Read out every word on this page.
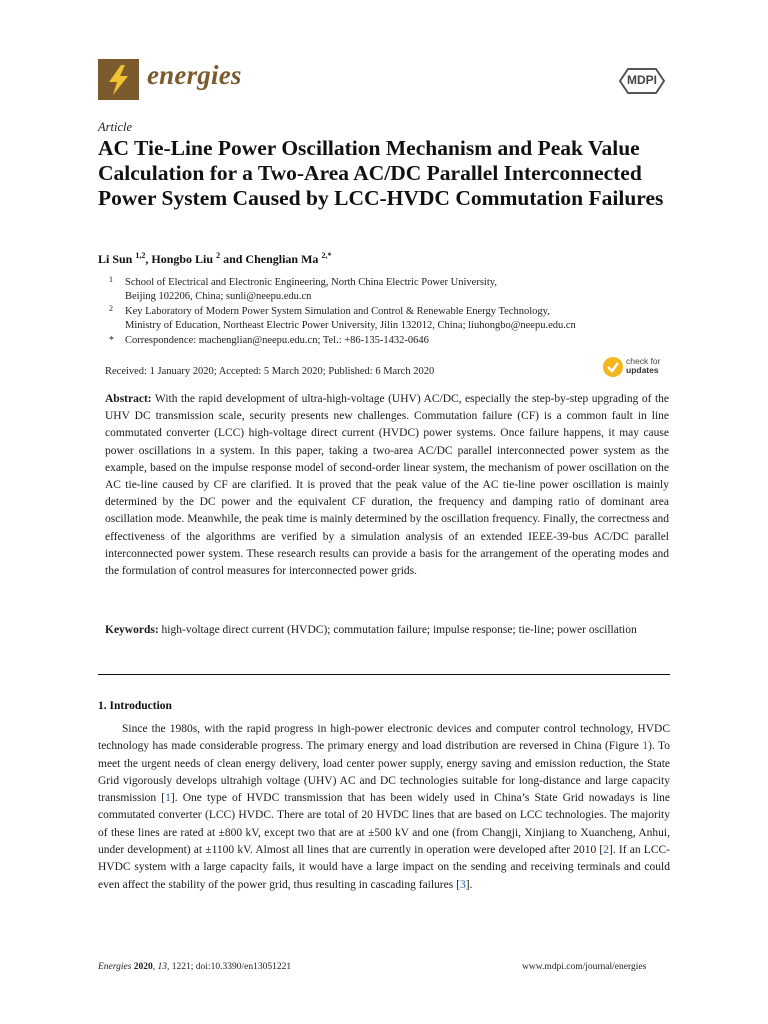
energies	MDPI
Article
AC Tie-Line Power Oscillation Mechanism and Peak Value Calculation for a Two-Area AC/DC Parallel Interconnected Power System Caused by LCC-HVDC Commutation Failures
Li Sun $^{1,2}$, Hongbo Liu $^2$ and Chenglian Ma $^{2,*}$
1 School of Electrical and Electronic Engineering, North China Electric Power University,
Beijing 102206, China; sunli@neepu.edu.cn
2 Key Laboratory of Modern Power System Simulation and Control & Renewable Energy Technology,
Ministry of Education, Northeast Electric Power University, Jilin 132012, China; liuhongbo@neepu.edu.cn
* Correspondence: machenglian@neepu.edu.cn; Tel.: +86-135-1432-0646
Received: 1 January 2020; Accepted: 5 March 2020; Published: 6 March 2020
check for
updates
Abstract: With the rapid development of ultra-high-voltage (UHV) AC/DC, especially the step-by-step upgrading of the UHV DC transmission scale, security presents new challenges. Commutation failure (CF) is a common fault in line commutated converter (LCC) high-voltage direct current (HVDC) power systems. Once failure happens, it may cause power oscillations in a system. In this paper, taking a two-area AC/DC parallel interconnected power system as the example, based on the impulse response model of second-order linear system, the mechanism of power oscillation on the AC tie-line caused by CF are clarified. It is proved that the peak value of the AC tie-line power oscillation is mainly determined by the DC power and the equivalent CF duration, the frequency and damping ratio of dominant area oscillation mode. Meanwhile, the peak time is mainly determined by the oscillation frequency. Finally, the correctness and effectiveness of the algorithms are verified by a simulation analysis of an extended IEEE-39-bus AC/DC parallel interconnected power system. These research results can provide a basis for the arrangement of the operating modes and the formulation of control measures for interconnected power grids.
Keywords: high-voltage direct current (HVDC); commutation failure; impulse response; tie-line; power oscillation
1. Introduction
Since the 1980s, with the rapid progress in high-power electronic devices and computer control technology, HVDC technology has made considerable progress. The primary energy and load distribution are reversed in China (Figure 1). To meet the urgent needs of clean energy delivery, load center power supply, energy saving and emission reduction, the State Grid vigorously develops ultrahigh voltage (UHV) AC and DC technologies suitable for long-distance and large capacity transmission [1]. One type of HVDC transmission that has been widely used in China’s State Grid nowadays is line commutated converter (LCC) HVDC. There are total of 20 HVDC lines that are based on LCC technologies. The majority of these lines are rated at ±800 kV, except two that are at ±500 kV and one (from Changji, Xinjiang to Xuancheng, Anhui, under development) at ±1100 kV. Almost all lines that are currently in operation were developed after 2010 [2]. If an LCC-HVDC system with a large capacity fails, it would have a large impact on the sending and receiving terminals and could even affect the stability of the power grid, thus resulting in cascading failures [3].
Energies 2020, 13, 1221; doi:10.3390/en13051221	www.mdpi.com/journal/energies
